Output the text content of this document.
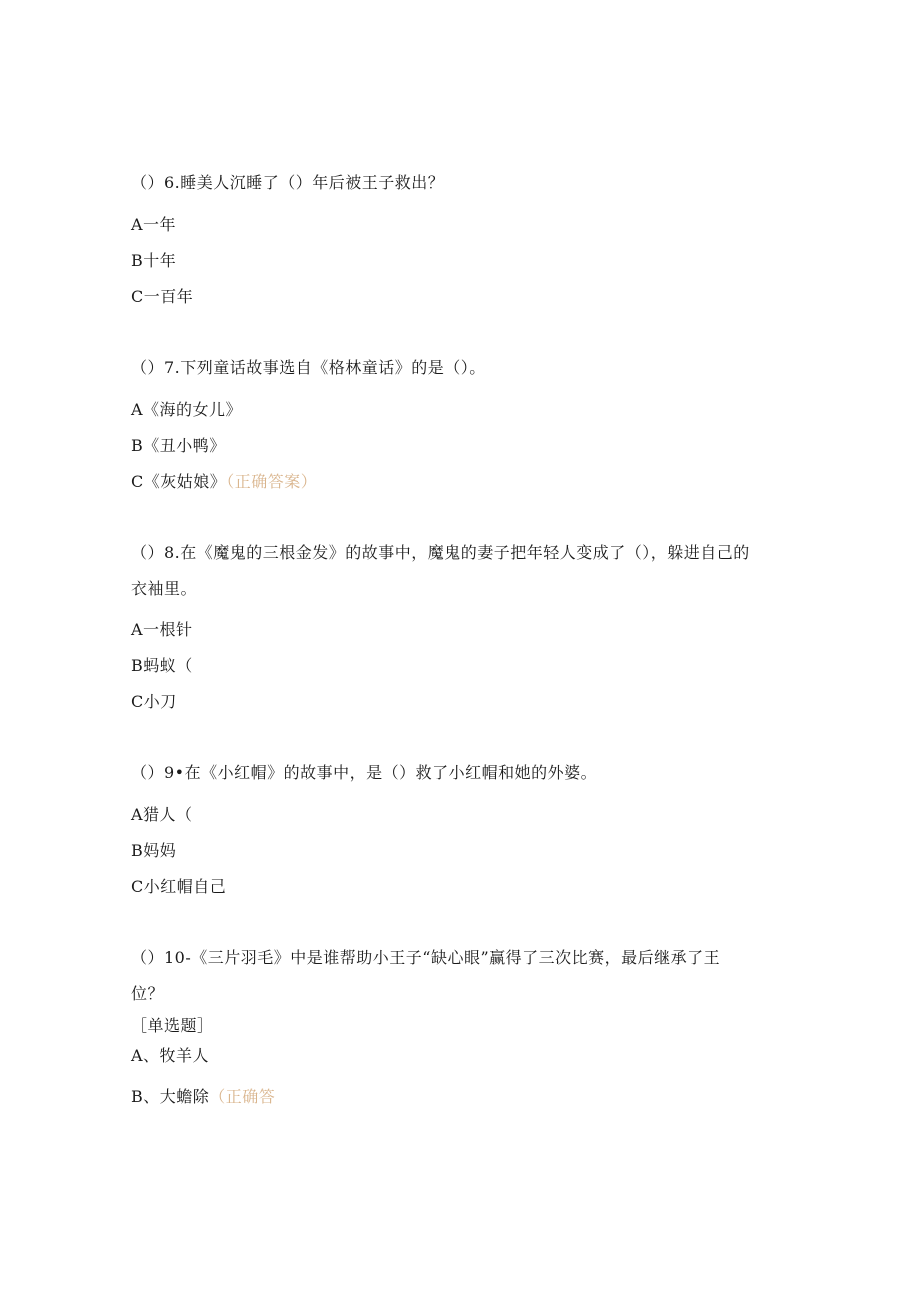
（）6.睡美人沉睡了（）年后被王子救出？
A一年
B十年
C一百年
（）7.下列童话故事选自《格林童话》的是（）。
A《海的女儿》
B《丑小鸭》
C《灰姑娘》（正确答案）
（）8.在《魔鬼的三根金发》的故事中，魔鬼的妻子把年轻人变成了（），躲进自己的
衣袖里。
A一根针
B蚂蚁（
C小刀
（）9•在《小红帽》的故事中，是（）救了小红帽和她的外婆。
A猎人（
B妈妈
C小红帽自己
（）10-《三片羽毛》中是谁帮助小王子“缺心眼”赢得了三次比赛，最后继承了王
位？
［单选题］
A、牧羊人
B、大蟾除（正确答
